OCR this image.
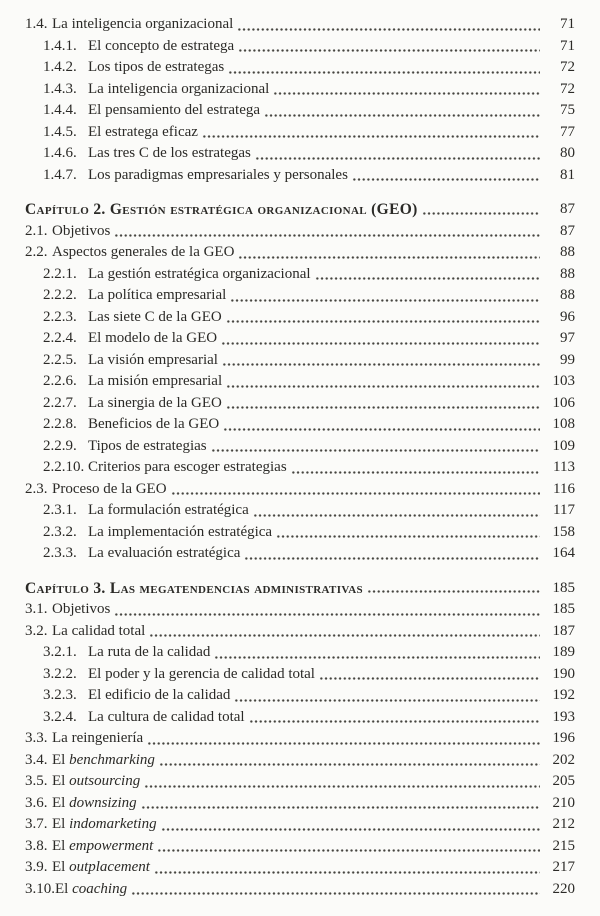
1.4. La inteligencia organizacional	71
1.4.1. El concepto de estratega	71
1.4.2. Los tipos de estrategas	72
1.4.3. La inteligencia organizacional	72
1.4.4. El pensamiento del estratega	75
1.4.5. El estratega eficaz	77
1.4.6. Las tres C de los estrategas	80
1.4.7. Los paradigmas empresariales y personales	81
Capítulo 2. Gestión estratégica organizacional (GEO)	87
2.1. Objetivos	87
2.2. Aspectos generales de la GEO	88
2.2.1. La gestión estratégica organizacional	88
2.2.2. La política empresarial	88
2.2.3. Las siete C de la GEO	96
2.2.4. El modelo de la GEO	97
2.2.5. La visión empresarial	99
2.2.6. La misión empresarial	103
2.2.7. La sinergia de la GEO	106
2.2.8. Beneficios de la GEO	108
2.2.9. Tipos de estrategias	109
2.2.10. Criterios para escoger estrategias	113
2.3. Proceso de la GEO	116
2.3.1. La formulación estratégica	117
2.3.2. La implementación estratégica	158
2.3.3. La evaluación estratégica	164
Capítulo 3. Las megatendencias administrativas	185
3.1. Objetivos	185
3.2. La calidad total	187
3.2.1. La ruta de la calidad	189
3.2.2. El poder y la gerencia de calidad total	190
3.2.3. El edificio de la calidad	192
3.2.4. La cultura de calidad total	193
3.3. La reingeniería	196
3.4. El benchmarking	202
3.5. El outsourcing	205
3.6. El downsizing	210
3.7. El indomarketing	212
3.8. El empowerment	215
3.9. El outplacement	217
3.10. El coaching	220
